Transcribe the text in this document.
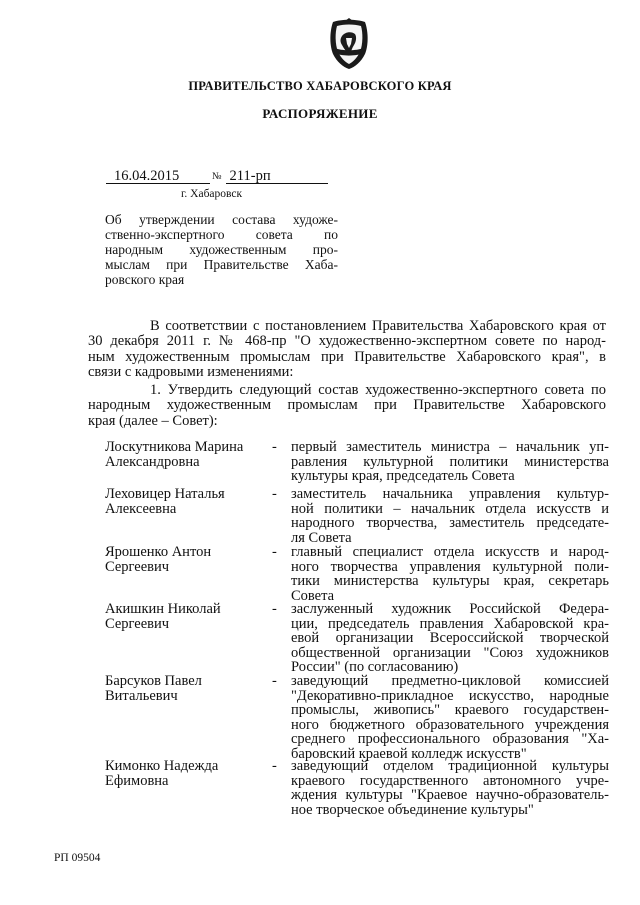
ПРАВИТЕЛЬСТВО ХАБАРОВСКОГО КРАЯ
РАСПОРЯЖЕНИЕ
16.04.2015	№ 211-рп
г. Хабаровск
Об утверждении состава художе-
ственно-экспертного совета по
народным художественным про-
мыслам при Правительстве Хаба-
ровского края
В соответствии с постановлением Правительства Хабаровского края от
30 декабря 2011 г. № 468-пр "О художественно-экспертном совете по народ-
ным художественным промыслам при Правительстве Хабаровского края", в
связи с кадровыми изменениями:
1. Утвердить следующий состав художественно-экспертного совета по
народным художественным промыслам при Правительстве Хабаровского
края (далее – Совет):
Лоскутникова Марина
Александровна
- первый заместитель министра – начальник уп-
равления культурной политики министерства
культуры края, председатель Совета
Леховицер Наталья
Алексеевна
- заместитель начальника управления культур-
ной политики – начальник отдела искусств и
народного творчества, заместитель председате-
ля Совета
Ярошенко Антон
Сергеевич
- главный специалист отдела искусств и народ-
ного творчества управления культурной поли-
тики министерства культуры края, секретарь
Совета
Акишкин Николай
Сергеевич
- заслуженный художник Российской Федера-
ции, председатель правления Хабаровской кра-
евой организации Всероссийской творческой
общественной организации "Союз художников
России" (по согласованию)
Барсуков Павел
Витальевич
- заведующий предметно-цикловой комиссией
"Декоративно-прикладное искусство, народные
промыслы, живопись" краевого государствен-
ного бюджетного образовательного учреждения
среднего профессионального образования "Ха-
баровский краевой колледж искусств"
Кимонко Надежда
Ефимовна
- заведующий отделом традиционной культуры
краевого государственного автономного учре-
ждения культуры "Краевое научно-образователь-
ное творческое объединение культуры"
РП 09504
